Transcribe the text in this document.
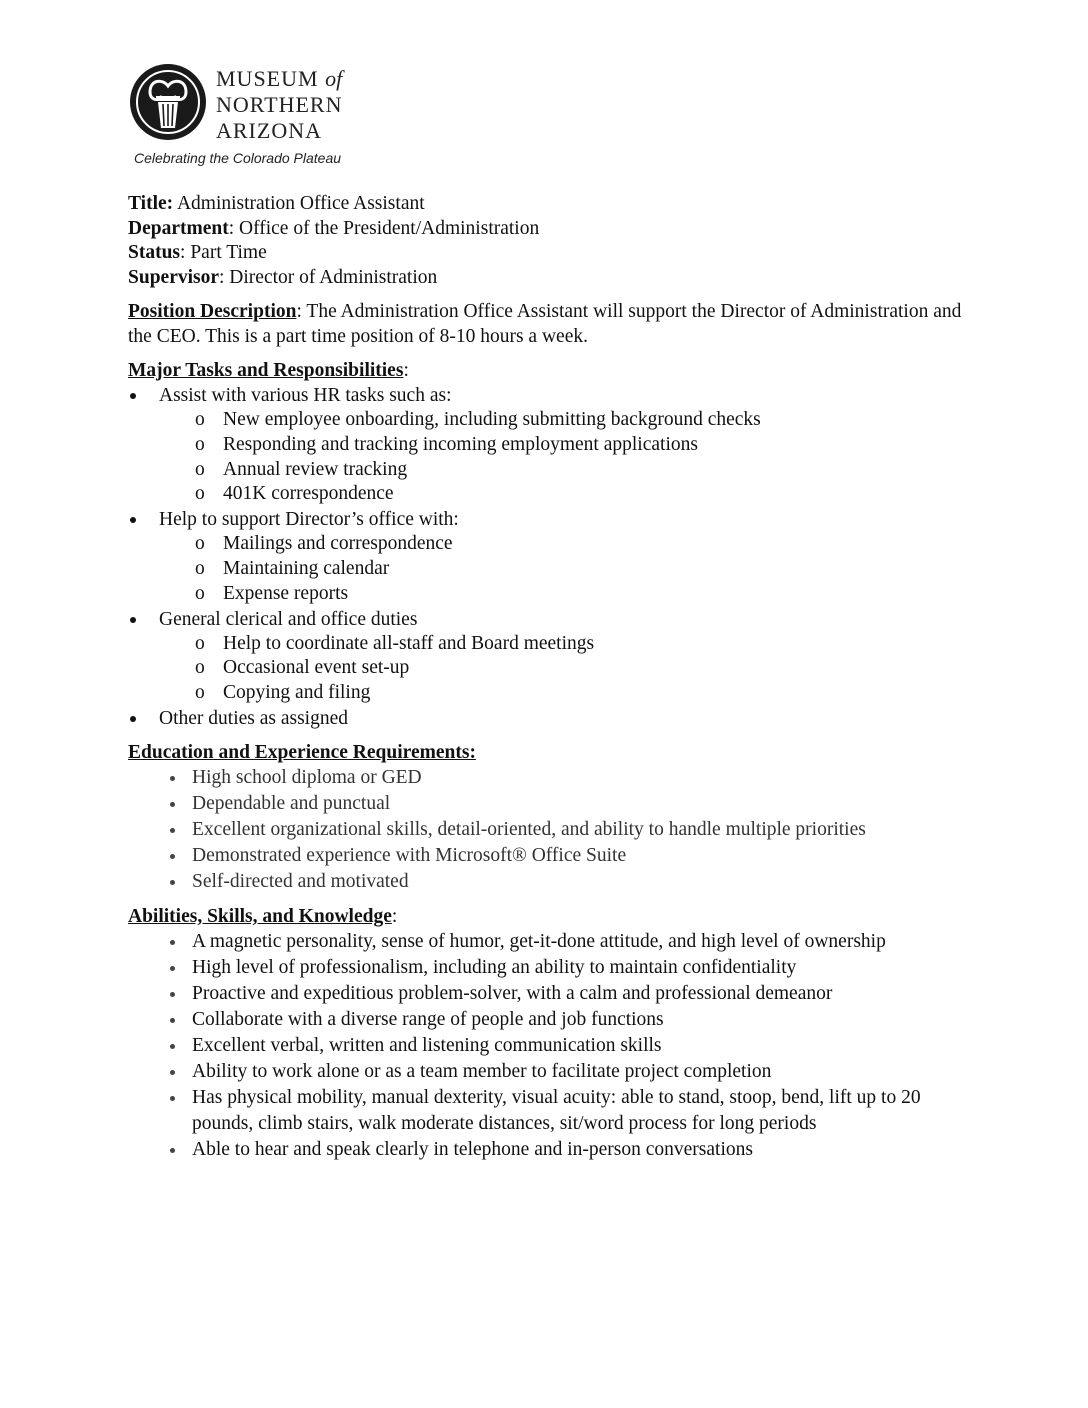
MUSEUM of
NORTHERN
ARIZONA
Celebrating the Colorado Plateau
Title: Administration Office Assistant
Department: Office of the President/Administration
Status: Part Time
Supervisor: Director of Administration
Position Description: The Administration Office Assistant will support the Director of Administration and the CEO. This is a part time position of 8-10 hours a week.
Major Tasks and Responsibilities:
Assist with various HR tasks such as:
o New employee onboarding, including submitting background checks
o Responding and tracking incoming employment applications
o Annual review tracking
o 401K correspondence
Help to support Director’s office with:
o Mailings and correspondence
o Maintaining calendar
o Expense reports
General clerical and office duties
o Help to coordinate all-staff and Board meetings
o Occasional event set-up
o Copying and filing
Other duties as assigned
Education and Experience Requirements:
High school diploma or GED
Dependable and punctual
Excellent organizational skills, detail-oriented, and ability to handle multiple priorities
Demonstrated experience with Microsoft® Office Suite
Self-directed and motivated
Abilities, Skills, and Knowledge:
A magnetic personality, sense of humor, get-it-done attitude, and high level of ownership
High level of professionalism, including an ability to maintain confidentiality
Proactive and expeditious problem-solver, with a calm and professional demeanor
Collaborate with a diverse range of people and job functions
Excellent verbal, written and listening communication skills
Ability to work alone or as a team member to facilitate project completion
Has physical mobility, manual dexterity, visual acuity: able to stand, stoop, bend, lift up to 20 pounds, climb stairs, walk moderate distances, sit/word process for long periods
Able to hear and speak clearly in telephone and in-person conversations
